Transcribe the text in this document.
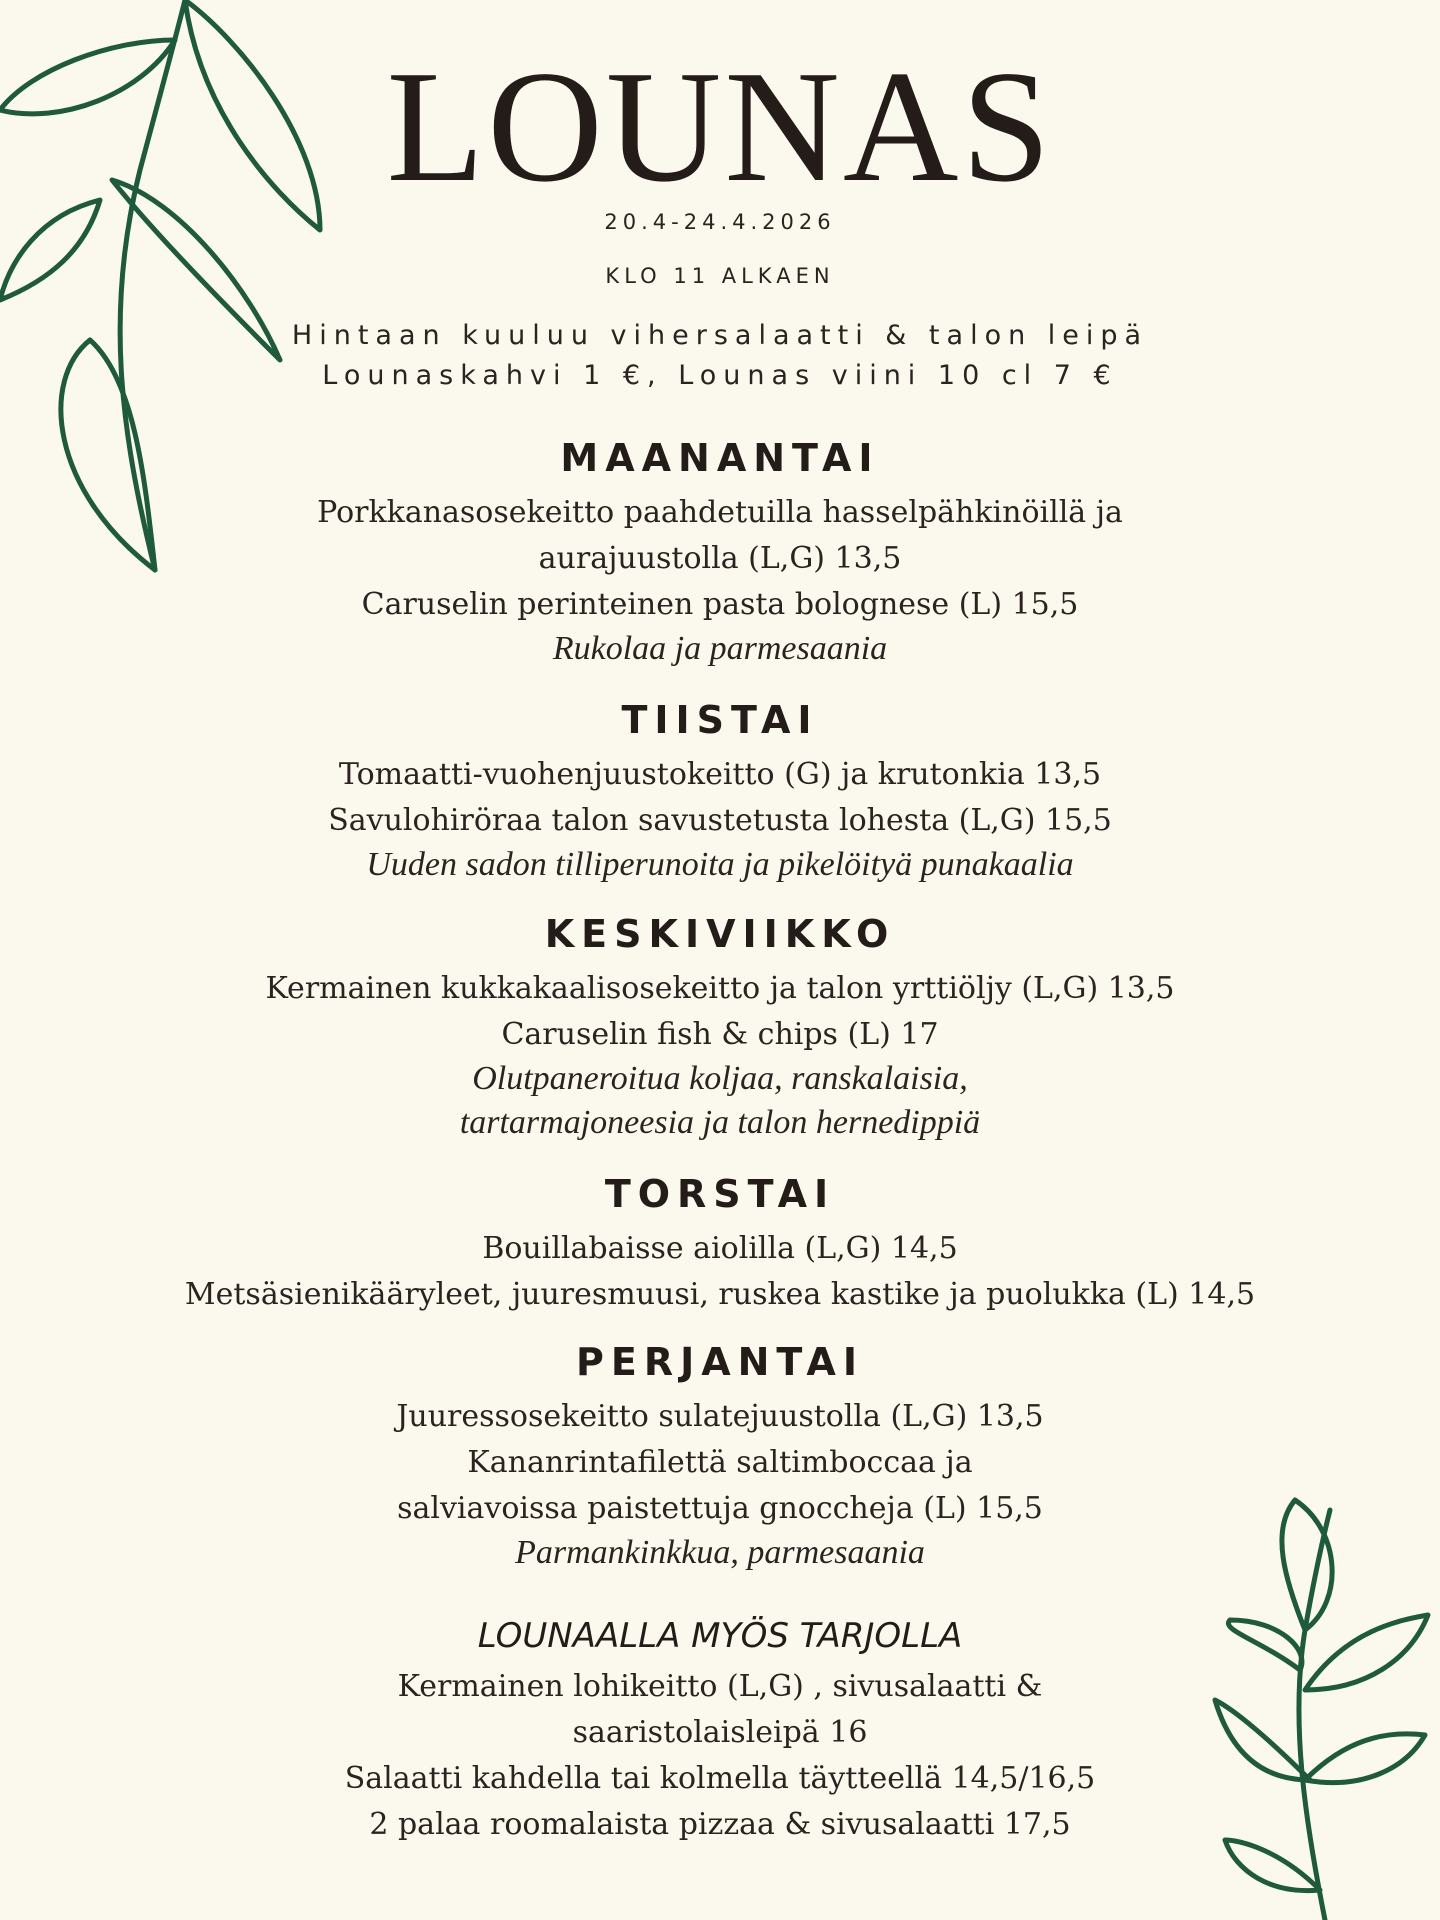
LOUNAS
20.4-24.4.2026
KLO 11 ALKAEN
Hintaan kuuluu vihersalaatti & talon leipä
Lounaskahvi 1 €, Lounas viini 10 cl 7 €
MAANANTAI
Porkkanasosekeitto paahdetuilla hasselpähkinöillä ja
aurajuustolla (L,G) 13,5
Caruselin perinteinen pasta bolognese (L) 15,5
Rukolaa ja parmesaania
TIISTAI
Tomaatti-vuohenjuustokeitto (G) ja krutonkia 13,5
Savulohiröraa talon savustetusta lohesta (L,G) 15,5
Uuden sadon tilliperunoita ja pikelöityä punakaalia
KESKIVIIKKO
Kermainen kukkakaalisosekeitto ja talon yrttiöljy (L,G) 13,5
Caruselin fish & chips (L) 17
Olutpaneroitua koljaa, ranskalaisia,
tartarmajoneesia ja talon hernedippiä
TORSTAI
Bouillabaisse aiolilla (L,G) 14,5
Metsäsienikääryleet, juuresmuusi, ruskea kastike ja puolukka (L) 14,5
PERJANTAI
Juuressosekeitto sulatejuustolla (L,G) 13,5
Kananrintafilettä saltimboccaa ja
salviavoissa paistettuja gnoccheja (L) 15,5
Parmankinkkua, parmesaania
LOUNAALLA MYÖS TARJOLLA
Kermainen lohikeitto (L,G) , sivusalaatti &
saaristolaisleipä 16
Salaatti kahdella tai kolmella täytteellä 14,5/16,5
2 palaa roomalaista pizzaa & sivusalaatti 17,5
